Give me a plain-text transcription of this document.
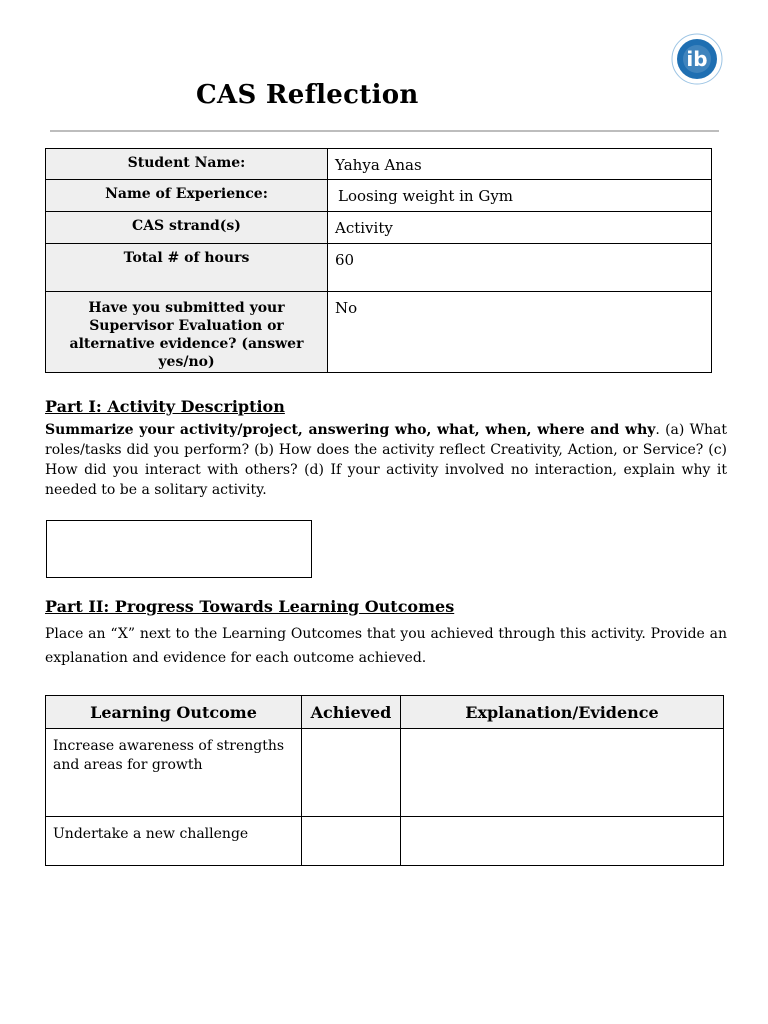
ib
CAS Reflection
Student Name:	Yahya Anas
Name of Experience:	Loosing weight in Gym
CAS strand(s)	Activity
Total # of hours	60
Have you submitted your Supervisor Evaluation or alternative evidence? (answer yes/no)	No
Part I: Activity Description
Summarize your activity/project, answering who, what, when, where and why. (a) What roles/tasks did you perform? (b) How does the activity reflect Creativity, Action, or Service? (c) How did you interact with others? (d) If your activity involved no interaction, explain why it needed to be a solitary activity.
Part II: Progress Towards Learning Outcomes
Place an “X” next to the Learning Outcomes that you achieved through this activity. Provide an explanation and evidence for each outcome achieved.
Learning Outcome	Achieved	Explanation/Evidence
Increase awareness of strengths and areas for growth		
Undertake a new challenge		
